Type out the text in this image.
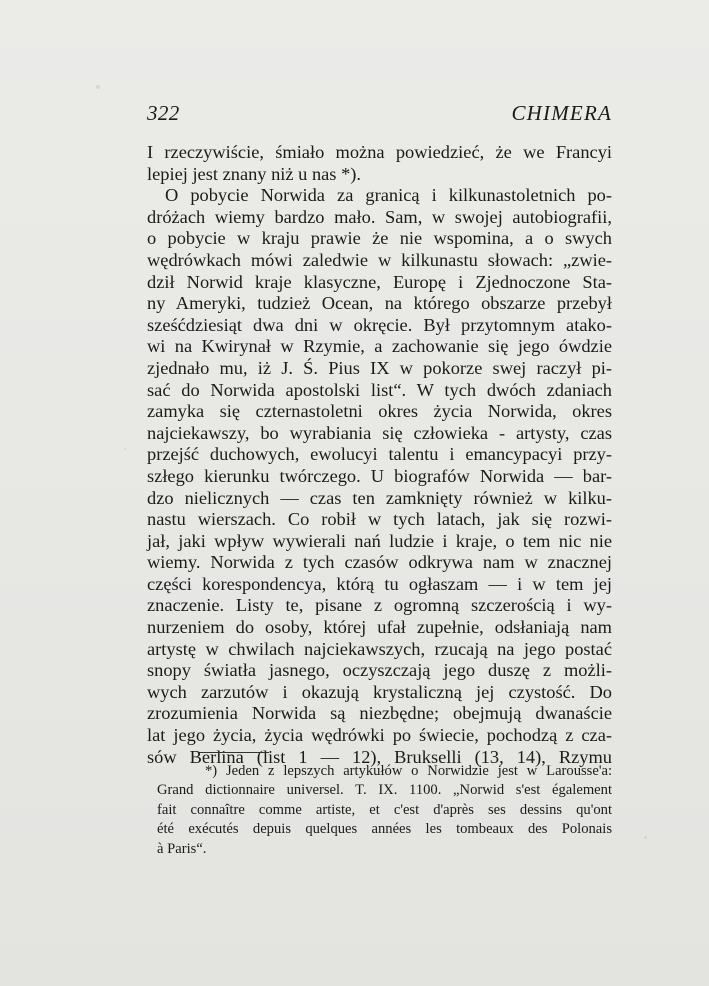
322	CHIMERA
I rzeczywiście, śmiało można powiedzieć, że we Francyi
lepiej jest znany niż u nas *).
O pobycie Norwida za granicą i kilkunastoletnich po-
dróżach wiemy bardzo mało. Sam, w swojej autobiografii,
o pobycie w kraju prawie że nie wspomina, a o swych
wędrówkach mówi zaledwie w kilkunastu słowach: „zwie-
dził Norwid kraje klasyczne, Europę i Zjednoczone Sta-
ny Ameryki, tudzież Ocean, na którego obszarze przebył
sześćdziesiąt dwa dni w okręcie. Był przytomnym atako-
wi na Kwirynał w Rzymie, a zachowanie się jego ówdzie
zjednało mu, iż J. Ś. Pius IX w pokorze swej raczył pi-
sać do Norwida apostolski list“. W tych dwóch zdaniach
zamyka się czternastoletni okres życia Norwida, okres
najciekawszy, bo wyrabiania się człowieka - artysty, czas
przejść duchowych, ewolucyi talentu i emancypacyi przy-
szłego kierunku twórczego. U biografów Norwida — bar-
dzo nielicznych — czas ten zamknięty również w kilku-
nastu wierszach. Co robił w tych latach, jak się rozwi-
jał, jaki wpływ wywierali nań ludzie i kraje, o tem nic nie
wiemy. Norwida z tych czasów odkrywa nam w znacznej
części korespondencya, którą tu ogłaszam — i w tem jej
znaczenie. Listy te, pisane z ogromną szczerością i wy-
nurzeniem do osoby, której ufał zupełnie, odsłaniają nam
artystę w chwilach najciekawszych, rzucają na jego postać
snopy światła jasnego, oczyszczają jego duszę z możli-
wych zarzutów i okazują krystaliczną jej czystość. Do
zrozumienia Norwida są niezbędne; obejmują dwanaście
lat jego życia, życia wędrówki po świecie, pochodzą z cza-
sów Berlina (list 1 — 12), Brukselli (13, 14), Rzymu
*) Jeden z lepszych artykułów o Norwidzie jest w Larousse'a:
Grand dictionnaire universel. T. IX. 1100. „Norwid s'est également
fait connaître comme artiste, et c'est d'après ses dessins qu'ont
été exécutés depuis quelques années les tombeaux des Polonais
à Paris“.
